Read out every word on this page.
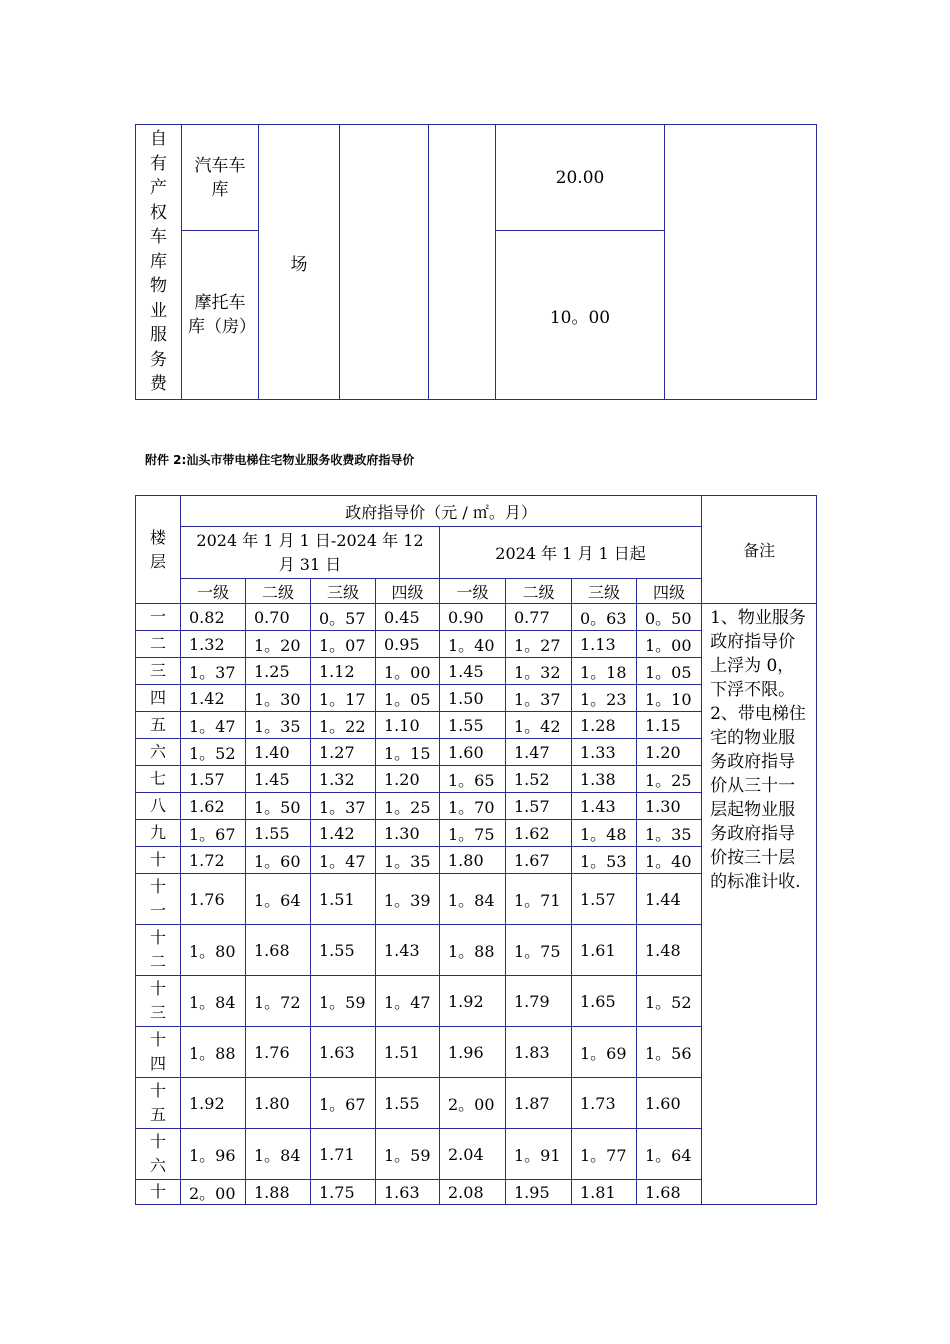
自有产权车库物业服务费	汽车车库	场			20.00	

	摩托车库（房）				10。00	
附件 2:汕头市带电梯住宅物业服务收费政府指导价
楼层	政府指导价（元 / ㎡。月）								备注

	2024 年 1 月 1 日-2024 年 12 月 31 日				2024 年 1 月 1 日起				
	一级	二级	三级	四级	一级	二级	三级	四级	

一	0.82	0.70	0。57	0.45	0.90	0.77	0。63	0。50	1、物业服务政府指导价上浮为 0，下浮不限。
2、带电梯住宅的物业服务政府指导价从三十一层起物业服务政府指导价按三十层的标准计收.

二	1.32	1。20	1。07	0.95	1。40	1。27	1.13	1。00	

三	1。37	1.25	1.12	1。00	1.45	1。32	1。18	1。05	

四	1.42	1。30	1。17	1。05	1.50	1。37	1。23	1。10	

五	1。47	1。35	1。22	1.10	1.55	1。42	1.28	1.15	

六	1。52	1.40	1.27	1。15	1.60	1.47	1.33	1.20	

七	1.57	1.45	1.32	1.20	1。65	1.52	1.38	1。25	

八	1.62	1。50	1。37	1。25	1。70	1.57	1.43	1.30	

九	1。67	1.55	1.42	1.30	1。75	1.62	1。48	1。35	

十	1.72	1。60	1。47	1。35	1.80	1.67	1。53	1。40	

十一	1.76	1。64	1.51	1。39	1。84	1。71	1.57	1.44	

十二	1。80	1.68	1.55	1.43	1。88	1。75	1.61	1.48	

十三	1。84	1。72	1。59	1。47	1.92	1.79	1.65	1。52	

十四	1。88	1.76	1.63	1.51	1.96	1.83	1。69	1。56	

十五	1.92	1.80	1。67	1.55	2。00	1.87	1.73	1.60	

十六	1。96	1。84	1.71	1。59	2.04	1。91	1。77	1。64	

十	2。00	1.88	1.75	1.63	2.08	1.95	1.81	1.68	
